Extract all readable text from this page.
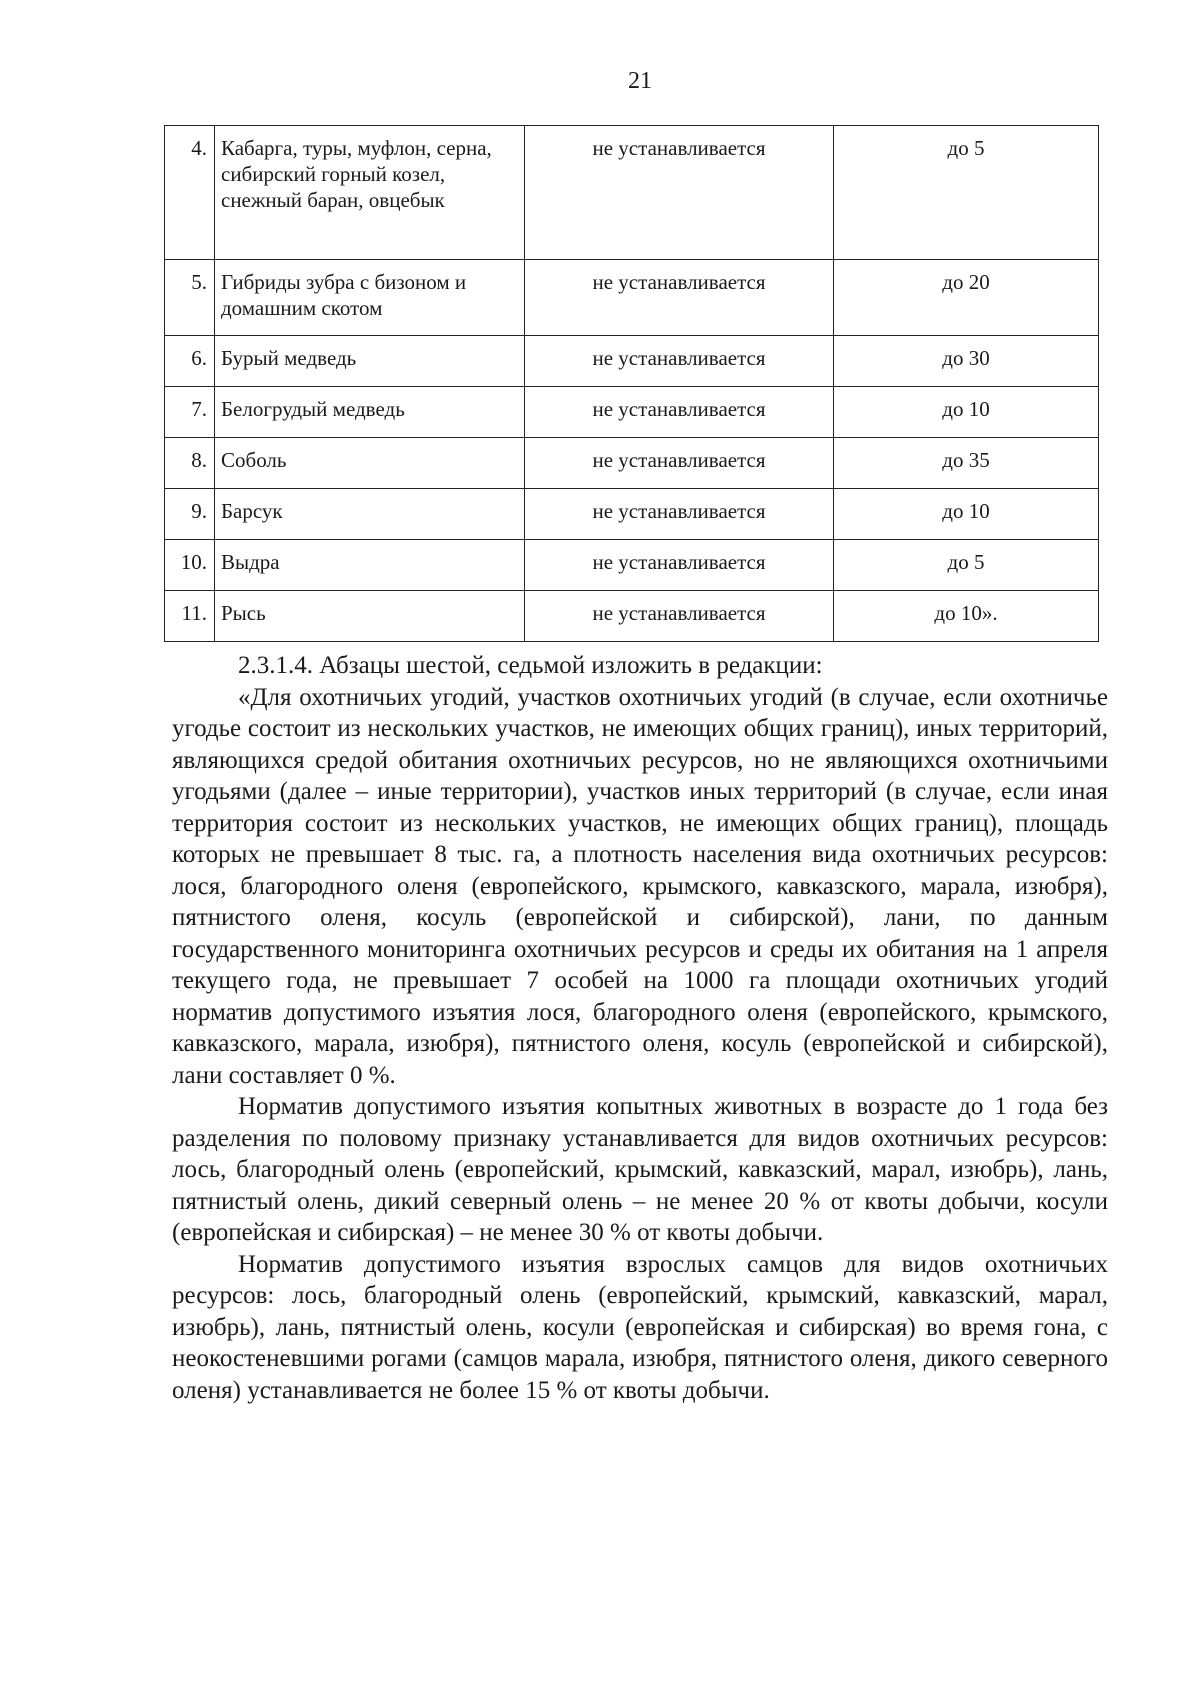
21
4.	Кабарга, туры, муфлон, серна, сибирский горный козел, снежный баран, овцебык	не устанавливается	до 5
5.	Гибриды зубра с бизоном и домашним скотом	не устанавливается	до 20
6.	Бурый медведь	не устанавливается	до 30
7.	Белогрудый медведь	не устанавливается	до 10
8.	Соболь	не устанавливается	до 35
9.	Барсук	не устанавливается	до 10
10.	Выдра	не устанавливается	до 5
11.	Рысь	не устанавливается	до 10».

2.3.1.4. Абзацы шестой, седьмой изложить в редакции:

«Для охотничьих угодий, участков охотничьих угодий (в случае, если охотничье угодье состоит из нескольких участков, не имеющих общих границ), иных территорий, являющихся средой обитания охотничьих ресурсов, но не являющихся охотничьими угодьями (далее – иные территории), участков иных территорий (в случае, если иная территория состоит из нескольких участков, не имеющих общих границ), площадь которых не превышает 8 тыс. га, а плотность населения вида охотничьих ресурсов: лося, благородного оленя (европейского, крымского, кавказского, марала, изюбря), пятнистого оленя, косуль (европейской и сибирской), лани, по данным государственного мониторинга охотничьих ресурсов и среды их обитания на 1 апреля текущего года, не превышает 7 особей на 1000 га площади охотничьих угодий норматив допустимого изъятия лося, благородного оленя (европейского, крымского, кавказского, марала, изюбря), пятнистого оленя, косуль (европейской и сибирской), лани составляет 0 %.

Норматив допустимого изъятия копытных животных в возрасте до 1 года без разделения по половому признаку устанавливается для видов охотничьих ресурсов: лось, благородный олень (европейский, крымский, кавказский, марал, изюбрь), лань, пятнистый олень, дикий северный олень – не менее 20 % от квоты добычи, косули (европейская и сибирская) – не менее 30 % от квоты добычи.

Норматив допустимого изъятия взрослых самцов для видов охотничьих ресурсов: лось, благородный олень (европейский, крымский, кавказский, марал, изюбрь), лань, пятнистый олень, косули (европейская и сибирская) во время гона, с неокостеневшими рогами (самцов марала, изюбря, пятнистого оленя, дикого северного оленя) устанавливается не более 15 % от квоты добычи.
